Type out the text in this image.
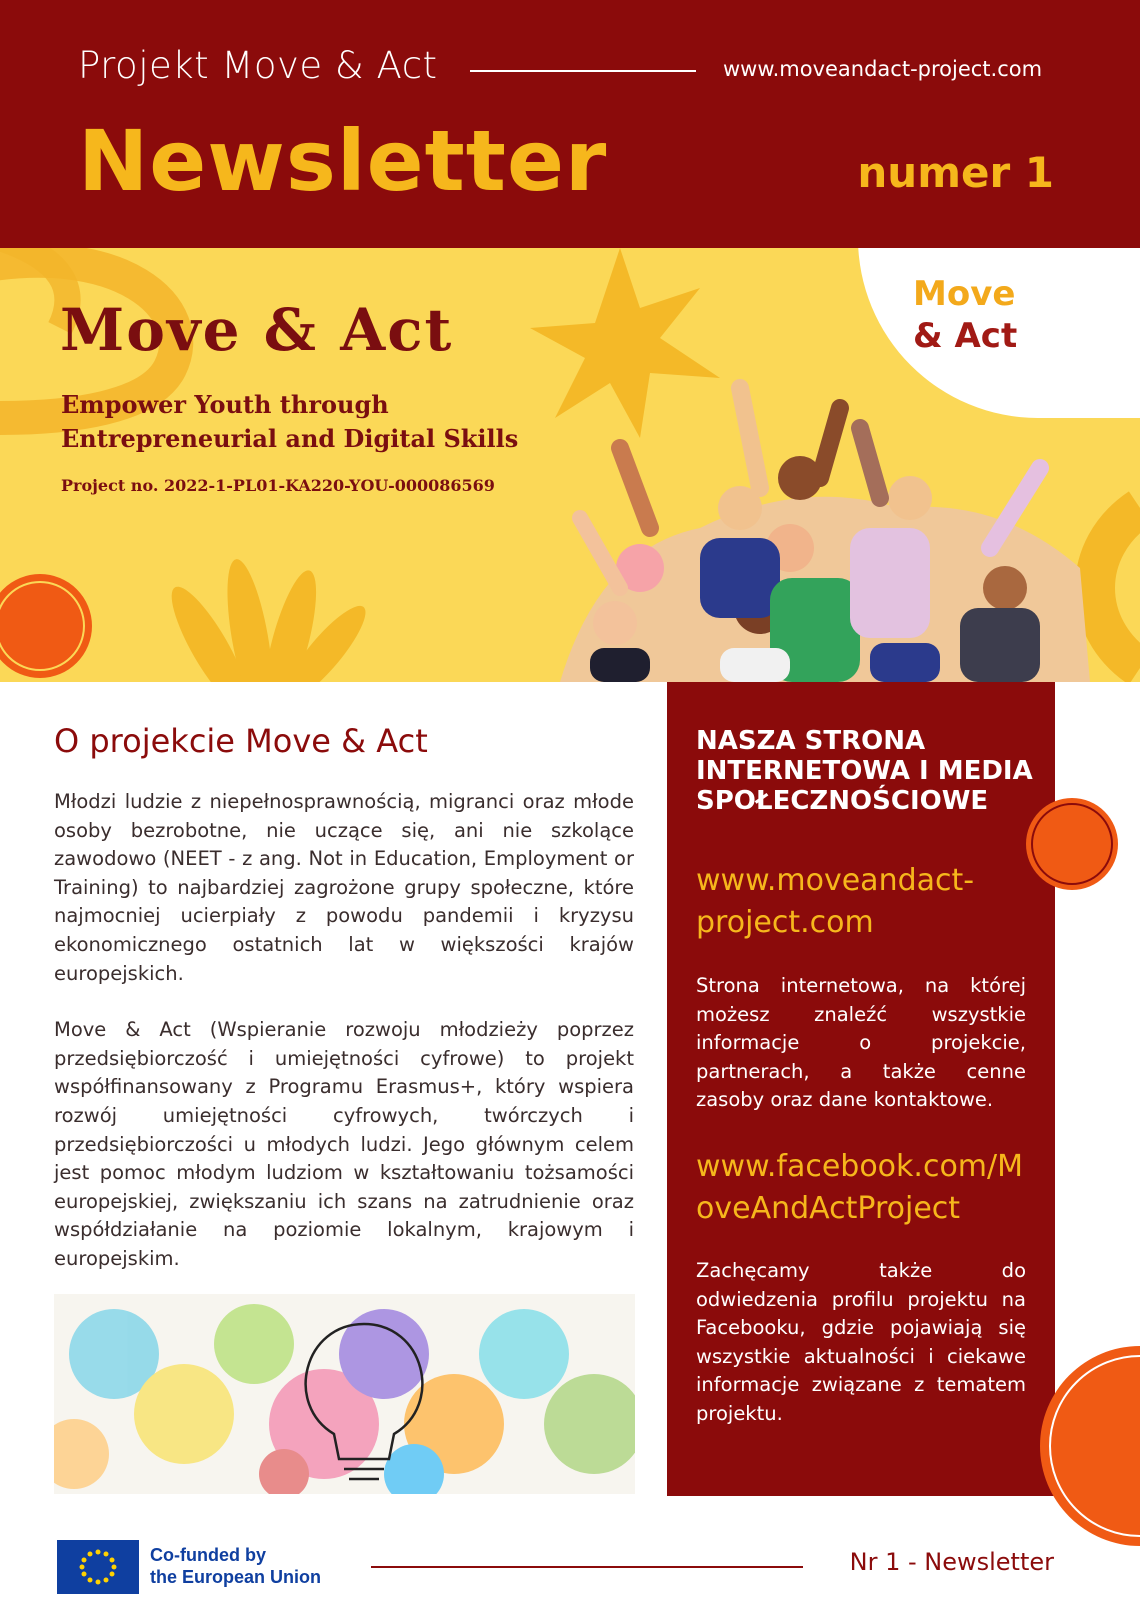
Projekt Move & Act	www.moveandact-project.com
Newsletter	numer 1
Move
& Act
Move & Act
Empower Youth through
Entrepreneurial and Digital Skills
Project no. 2022-1-PL01-KA220-YOU-000086569
O projekcie Move & Act

Młodzi ludzie z niepełnosprawnością, migranci oraz młode osoby bezrobotne, nie uczące się, ani nie szkolące zawodowo (NEET - z ang. Not in Education, Employment or Training) to najbardziej zagrożone grupy społeczne, które najmocniej ucierpiały z powodu pandemii i kryzysu ekonomicznego ostatnich lat w większości krajów europejskich.

Move & Act (Wspieranie rozwoju młodzieży poprzez przedsiębiorczość i umiejętności cyfrowe) to projekt współfinansowany z Programu Erasmus+, który wspiera rozwój umiejętności cyfrowych, twórczych i przedsiębiorczości u młodych ludzi. Jego głównym celem jest pomoc młodym ludziom w kształtowaniu tożsamości europejskiej, zwiększaniu ich szans na zatrudnienie oraz współdziałanie na poziomie lokalnym, krajowym i europejskim.

NASZA STRONA INTERNETOWA I MEDIA SPOŁECZNOŚCIOWE
www.moveandact-project.com
Strona internetowa, na której możesz znaleźć wszystkie informacje o projekcie, partnerach, a także cenne zasoby oraz dane kontaktowe.
www.facebook.com/MoveAndActProject
Zachęcamy także do odwiedzenia profilu projektu na Facebooku, gdzie pojawiają się wszystkie aktualności i ciekawe informacje związane z tematem projektu.
Co-funded by
the European Union
Nr 1 - Newsletter
